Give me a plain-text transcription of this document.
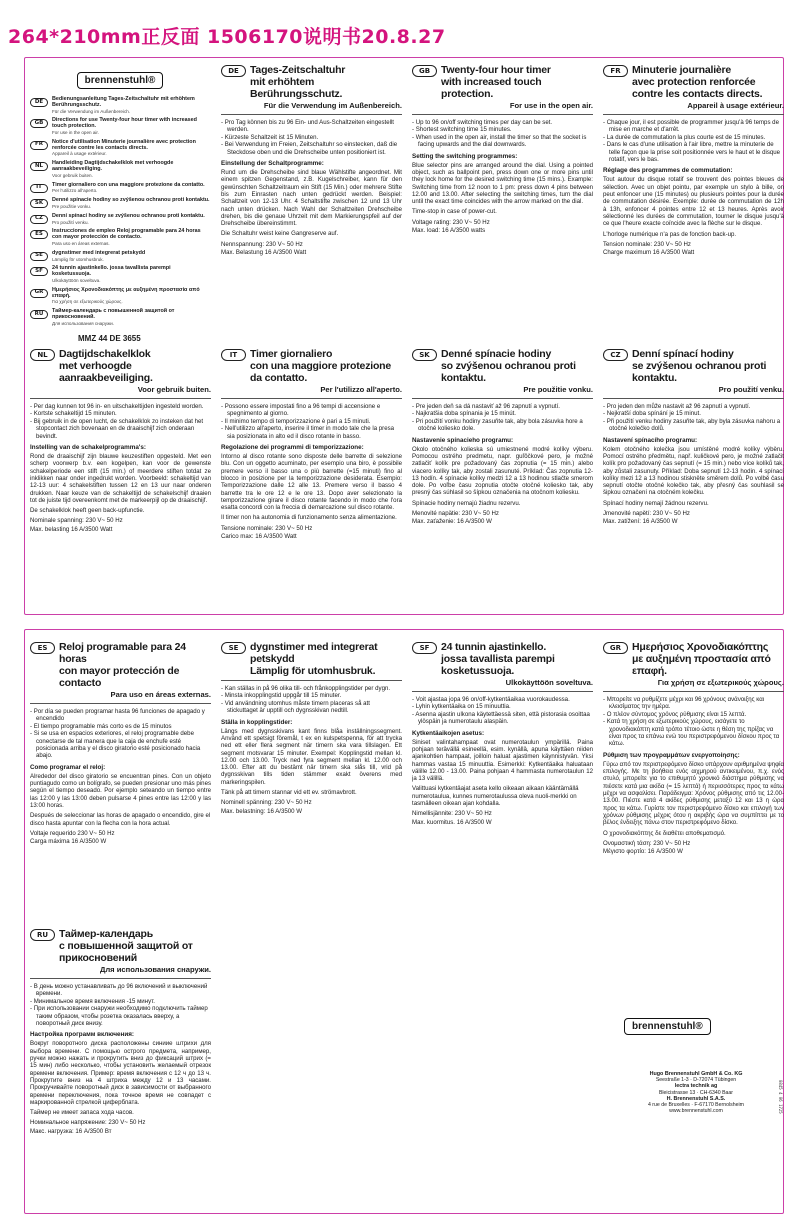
264*210mm正反面 1506170说明书20.8.27
brennenstuhl®
DE	Bedienungsanleitung Tages-Zeitschaltuhr mit erhöhtem Berührungsschutz.
Für die Verwendung im Außenbereich.
GB	Directions for use Twenty-four hour timer with increased touch protection.
For use in the open air.
FR	Notice d'utilisation Minuterie journalière avec protection renforcée contre les contacts directs.
Appareil à usage extérieur.
NL	Handleiding Dagtijdschakelklok met verhoogde aanraakbeveiliging.
Voor gebruik buiten.
IT	Timer giornaliero con una maggiore protezione da contatto.
Per l'utilizzo all'aperto.
SK	Denné spínacie hodiny so zvýšenou ochranou proti kontaktu.
Pre použitie vonku.
CZ	Denní spínací hodiny se zvýšenou ochranou proti kontaktu.
Pro použití venku.
ES	Instrucciones de empleo Reloj programable para 24 horas con mayor protección de contacto.
Para uso en áreas externas.
SE	dygnstimer med integrerat petskydd
Lämplig för utomhusbruk.
SF	24 tunnin ajastinkello. jossa tavallista parempi kosketussuoja.
Ulkokäyttöön soveltuva.
GR	Ημερήσιος Χρονοδιακόπτης με αυξημένη προστασία από επαφή.
Για χρήση σε εξωτερικούς χώρους.
RU	Таймер-календарь с повышенной защитой от прикосновений.
Для использования снаружи.
MMZ 44 DE 3655
DE	Tages-Zeitschaltuhr
mit erhöhtem Berührungsschutz.
Für die Verwendung im Außenbereich.
- Pro Tag können bis zu 96 Ein- und Aus-Schaltzeiten eingestellt werden.
- Kürzeste Schaltzeit ist 15 Minuten.
- Bei Verwendung im Freien, Zeitschaltuhr so einstecken, daß die Steckdose oben und die Drehscheibe unten positioniert ist.
Einstellung der Schaltprogramme:
Rund um die Drehscheibe sind blaue Wählstifte angeordnet. Mit einem spitzen Gegenstand, z.B. Kugelschreiber, kann für den gewünschten Schaltzeitraum ein Stift (15 Min.) oder mehrere Stifte bis zum Einrasten nach unten gedrückt werden. Beispiel: Schaltzeit von 12-13 Uhr. 4 Schaltstifte zwischen 12 und 13 Uhr nach unten drücken. Nach Wahl der Schaltzeiten Drehscheibe drehen, bis die genaue Uhrzeit mit dem Markierungspfeil auf der Drehscheibe übereinstimmt.
Die Schaltuhr weist keine Gangreserve auf.
Nennspannung: 230 V~ 50 Hz
Max. Belastung 16 A/3500 Watt
GB	Twenty-four hour timer
with increased touch protection.
For use in the open air.
- Up to 96 on/off switching times per day can be set.
- Shortest switching time 15 minutes.
- When used in the open air, install the timer so that the socket is facing upwards and the dial downwards.
Setting the switching programmes:
Blue selector pins are arranged around the dial. Using a pointed object, such as ballpoint pen, press down one or more pins until they lock home for the desired switching time (15 mins.). Example: Switching time from 12 noon to 1 pm: press down 4 pins between 12.00 and 13.00. After selecting the switching times, turn the dial until the exact time coincides with the arrow marked on the dial.
Time-stop in case of power-cut.
Voltage rating: 230 V~ 50 Hz
Max. load: 16 A/3500 watts
FR	Minuterie journalière
avec protection renforcée contre les contacts directs.
Appareil à usage extérieur.
- Chaque jour, il est possible de programmer jusqu'à 96 temps de mise en marche et d'arrêt.
- La durée de commutation la plus courte est de 15 minutes.
- Dans le cas d'une utilisation à l'air libre, mettre la minuterie de telle façon que la prise soit positionnée vers le haut et le disque rotatif, vers le bas.
Réglage des programmes de commutation:
Tout autour du disque rotatif se trouvent des pointes bleues de sélection. Avec un objet pointu, par exemple un stylo à bille, on peut enfoncer une (15 minutes) ou plusieurs pointes pour la durée de commutation désirée. Exemple: durée de commutation de 12h à 13h, enfoncer 4 pointes entre 12 et 13 heures. Après avoir sélectionné les durées de commutation, tourner le disque jusqu'à ce que l'heure exacte coïncide avec la flèche sur le disque.
L'horloge numérique n'a pas de fonction back-up.
Tension nominale: 230 V~ 50 Hz
Charge maximum 16 A/3500 Watt
NL	Dagtijdschakelklok
met verhoogde aanraakbeveiliging.
Voor gebruik buiten.
- Per dag kunnen tot 96 in- en uitschakeltijden ingesteld worden.
- Kortste schakeltijd 15 minuten.
- Bij gebruik in de open lucht, de schakelklok zo insteken dat het stopcontact zich bovenaan en de draaischijf zich onderaan bevindt.
Instelling van de schakelprogramma's:
Rond de draaischijf zijn blauwe keuzestiften opgesteld. Met een scherp voorwerp b.v. een kogelpen, kan voor de gewenste schakelperiode een stift (15 min.) of meerdere stiften totdat ze inklikken naar onder ingedrukt worden. Voorbeeld: schakeltijd van 12-13 uur: 4 schakelstiften tussen 12 en 13 uur naar onderen drukken. Naar keuze van de schakeltijd de schakelschijf draaien tot de juiste tijd overeenkomt met de markeerpijl op de draaischijf.
De schakelklok heeft geen back-upfunctie.
Nominale spanning: 230 V~ 50 Hz
Max. belasting 16 A/3500 Watt
IT	Timer giornaliero
con una maggiore protezione da contatto.
Per l'utilizzo all'aperto.
- Possono essere impostati fino a 96 tempi di accensione e spegnimento al giorno.
- Il minimo tempo di temporizzazione è pari a 15 minuti.
- Nell'utilizzo all'aperto, inserire il timer in modo tale che la presa sia posizionata in alto ed il disco rotante in basso.
Regolazione dei programmi di temporizzazione:
Intorno al disco rotante sono disposte delle barrette di selezione blu. Con un oggetto acuminato, per esempio una biro, è possibile premere verso il basso una o più barrette (=15 minuti) fino al blocco in posizione per la temporizzazione desiderata. Esempio: Temporizzazione dalle 12 alle 13. Premere verso il basso 4 barrette tra le ore 12 e le ore 13. Dopo aver selezionato la temporizzazione girare il disco rotante facendo in modo che l'ora esatta concordi con la freccia di demarcazione sul disco rotante.
Il timer non ha autonomia di funzionamento senza alimentazione.
Tensione nominale: 230 V~ 50 Hz
Carico max: 16 A/3500 Watt
SK	Denné spínacie hodiny
so zvýšenou ochranou proti kontaktu.
Pre použitie vonku.
- Pre jeden deň sa dá nastaviť až 96 zapnutí a vypnutí.
- Najkratšia doba spínania je 15 minút.
- Pri použití vonku hodiny zasuňte tak, aby bola zásuvka hore a otočné koliesko dole.
Nastavenie spínacieho programu:
Okolo otočného kolieska sú umiestnené modré kolíky výberu. Pomocou ostrého predmetu, napr. guľôčkové pero, je možné zatlačiť kolík pre požadovaný čas zopnutia (= 15 min.) alebo viacero kolíky tak, aby zostali zasunuté. Príklad: Čas zopnutia 12-13 hodín. 4 spínacie kolíky medzi 12 a 13 hodinou stlačte smerom dole. Po voľbe času zopnutia otočte otočné koliesko tak, aby presný čas súhlasil so šípkou označenia na otočnom koliesku.
Spínacie hodiny nemajú žiadnu rezervu.
Menovité napätie: 230 V~ 50 Hz
Max. zaťaženie: 16 A/3500 W
CZ	Denní spínací hodiny
se zvýšenou ochranou proti kontaktu.
Pro použití venku.
- Pro jeden den může nastavit až 96 zapnutí a vypnutí.
- Nejkratší doba spínání je 15 minut.
- Při použití venku hodiny zasuňte tak, aby byla zásuvka nahoru a otočné kolečko dolů.
Nastavení spínacího programu:
Kolem otočného kolečka jsou umístěné modré kolíky výběru. Pomocí ostrého předmětu, např. kuličkové pero, je možné zatlačit kolík pro požadovaný čas sepnutí (= 15 min.) nebo více kolíků tak, aby zůstali zasunuty. Příklad: Doba sepnutí 12-13 hodin. 4 spínací kolíky mezi 12 a 13 hodinou stiskněte směrem dolů. Po volbě času sepnutí otočte otočné kolečko tak, aby přesný čas souhlasil se šipkou označení na otočném kolečku.
Spínací hodiny nemají žádnou rezervu.
Jmenovité napětí: 230 V~ 50 Hz
Max. zatížení: 16 A/3500 W
ES	Reloj programable para 24 horas
con mayor protección de contacto
Para uso en áreas externas.
- Por día se pueden programar hasta 96 funciones de apagado y encendido
- El tiempo programable más corto es de 15 minutos
- Si se usa en espacios exteriores, el reloj programable debe conectarse de tal manera que la caja de enchufe esté posicionada arriba y el disco giratorio esté posicionado hacia abajo.
Como programar el reloj:
Alrededor del disco giratorio se encuentran pines. Con un objeto puntiagudo como un bolígrafo, se pueden presionar uno más pines según el tiempo deseado. Por ejemplo seteando un tiempo entre las 12:00 y las 13:00 deben pulsarse 4 pines entre las 12:00 y las 13:00 horas.
Después de seleccionar las horas de apagado o encendido, gire el disco hasta apuntar con la flecha con la hora actual.
Voltaje requerido 230 V~ 50 Hz
Carga máxima 16 A/3500 W
SE	dygnstimer med integrerat petskydd
Lämplig för utomhusbruk.
- Kan ställas in på 96 olika till- och frånkopplingstider per dygn.
- Minsta inkopplingstid uppgår till 15 minuter.
- Vid användning utomhus måste timern placeras så att stickuttaget är upptill och dygnsskivan nedtill.
Ställa in kopplingstider:
Längs med dygnsskivans kant finns blåa inställningssegment. Använd ett spetsigt föremål, t ex en kulspetspenna, för att trycka ned ett eller flera segment när timern ska vara tillslagen. Ett segment motsvarar 15 minuter. Exempel: Kopplingstid mellan kl. 12.00 och 13.00. Tryck ned fyra segment mellan kl. 12.00 och 13.00. Efter att du bestämt när timern ska slås till, vrid på dygnsskivan tills tiden stämmer exakt överens med markeringspilen.
Tänk på att timern stannar vid ett ev. strömavbrott.
Nominell spänning: 230 V~ 50 Hz
Max. belastning: 16 A/3500 W
SF	24 tunnin ajastinkello.
jossa tavallista parempi kosketussuoja.
Ulkokäyttöön soveltuva.
- Voit ajastaa jopa 96 on/off-kytkentäaikaa vuorokaudessa.
- Lyhin kytkentäaika on 15 minuuttia.
- Asenna ajastin ulkona käytettäessä siten, että pistorasia osoittaa ylöspäin ja numerotaulu alaspäin.
Kytkentäaikojen asetus:
Siniset valintahampaat ovat numerotaulun ympärillä. Paina pohjaan terävällä esineellä, esim. kynällä, apuna käyttäen niiden ajankohtien hampaat, joilloin haluat ajastimen käynnistyvän. Yksi hammas vastaa 15 minuuttia. Esimerkki: Kytkentäaika haluataan välille 12.00 - 13.00. Paina pohjaan 4 hammasta numerotaulun 12 ja 13 välillä.
Valittuasi kytkentäajat aseta kello oikeaan aikaan kääntämällä numerotaulua, kunnes numerotaulussa oleva nuoli-merkki on tasmälleen oikean ajan kohdalla.
Nimellisjännite: 230 V~ 50 Hz
Max. kuormitus. 16 A/3500 W
GR	Ημερήσιος Χρονοδιακόπτης
με αυξημένη προστασία από επαφή.
Για χρήση σε εξωτερικούς χώρους.
- Μπορείτε να ρυθμίζετε μέχρι και 96 χρόνους ανάνοιξης και κλεισίματος την ημέρα.
- Ο πλέον σύντομος χρόνος ρύθμισης είναι 15 λεπτά.
- Κατά τη χρήση σε εξωτερικούς χώρους, εισάγετε το χρονοδιακόπτη κατά τρόπο τέτοιο ώστε η θέση της πρίζας να είναι προς τα επάνω ενώ του περιστρεφόμενου δίσκου προς τα κάτω.
Ρύθμιση των προγραμμάτων ενεργοποίησης:
Γύρω από τον περιστρεφόμενο δίσκο υπάρχουν αριθμημένα ψηφία επιλογής. Με τη βοήθεια ενός αιχμηρού αντικειμένου, π.χ. ενός στυλό, μπορείτε για το επιθυμητό χρονικό διάστημα ρύθμισης να πιέσετε κατά μια ακίδα (= 15 λεπτά) ή περισσότερες προς τα κάτω μέχρι να ασφαλίσει. Παράδειγμα: Χρόνος ρύθμισης από τις 12.00-13.00. Πιέστε κατά 4 ακίδες ρύθμισης μεταξύ 12 και 13 η ώρα προς τα κάτω. Γυρίστε τον περιστρεφόμενο δίσκο και επιλογή των χρόνων ρύθμισης μέχρις ότου η ακριβής ώρα να συμπίπτει με το βέλος ένδειξης πάνω στον περιστρεφόμενο δίσκο.
Ο χρονοδιακόπτης δε διαθέτει αποθεματισμό.
Ονομαστική τάση: 230 V~ 50 Hz
Μέγιστο φορτίο: 16 A/3500 W
RU	Таймер-календарь
с повышенной защитой от прикосновений
Для использования снаружи.
- В день можно устанавливать до 96 включений и выключений времени.
- Минимальное время включения -15 минут.
- При использовании снаружи необходимо подключить таймер таким образом, чтобы розетка оказалась вверху, а поворотный диск внизу.
Настройка программ включения:
Вокруг поворотного диска расположены синиие штрихи для выбора времени. С помощью острого предмета, например, ручки можно нажать и прокрутить вниз до фиксаций штрих (= 15 мин) либо несколько, чтобы установить желаемый отрезок времени включения. Пример: время включения с 12 ч до 13 ч. Прокрутите вниз на 4 штриха между 12 и 13 часами. Прокручивайте поворотный диск в зависимости от выбранного времени переключения, пока точное время не совпадет с маркированной стрелкой циферблата.
Таймер не имеет запаса хода часов.
Номинальное напряжение: 230 V~ 50 Hz
Макс. нагрузка: 16 A/3500 Вт
brennenstuhl®
Hugo Brennenstuhl GmbH & Co. KG
Seestraße 1-3 · D-72074 Tübingen
lectra technik ag
Bleicistrasse 13 · CH-6340 Baar
H. Brennenstuhl S.A.S.
4 rue de Bruxelles · F-67170 Bernolsheim
www.brennenstuhl.com	0845 4 06 1725
